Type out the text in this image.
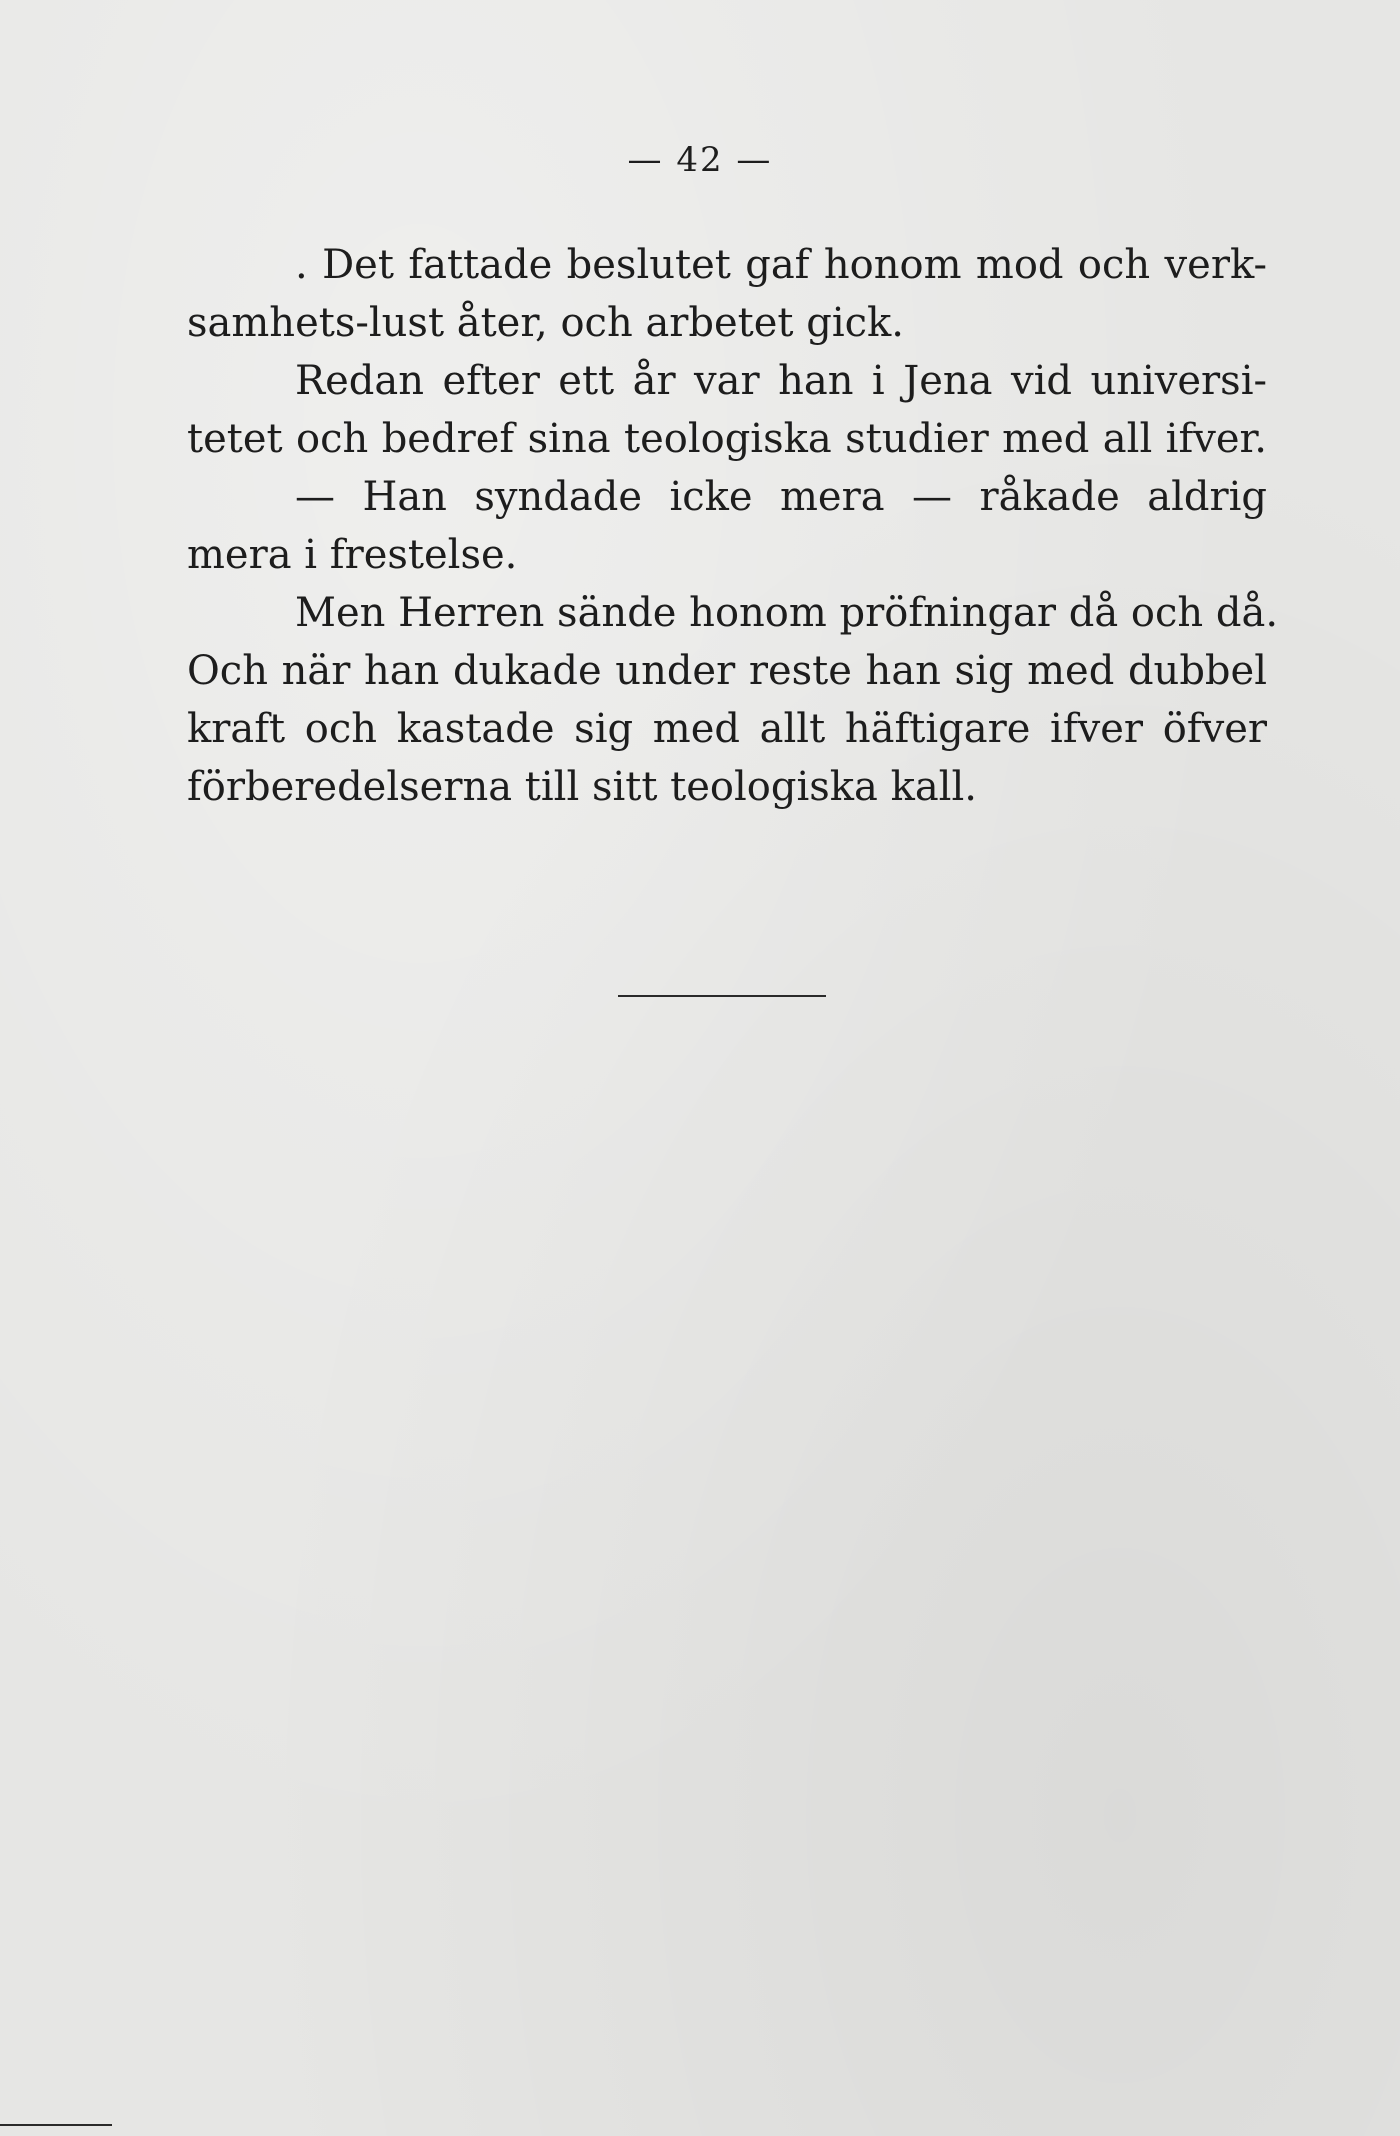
— 42 —
. Det fattade beslutet gaf honom mod och verk-
samhets-lust åter, och arbetet gick.
Redan efter ett år var han i Jena vid universi-
tetet och bedref sina teologiska studier med all ifver.
— Han syndade icke mera — råkade aldrig
mera i frestelse.
Men Herren sände honom pröfningar då och då.
Och när han dukade under reste han sig med dubbel
kraft och kastade sig med allt häftigare ifver öfver
förberedelserna till sitt teologiska kall.
